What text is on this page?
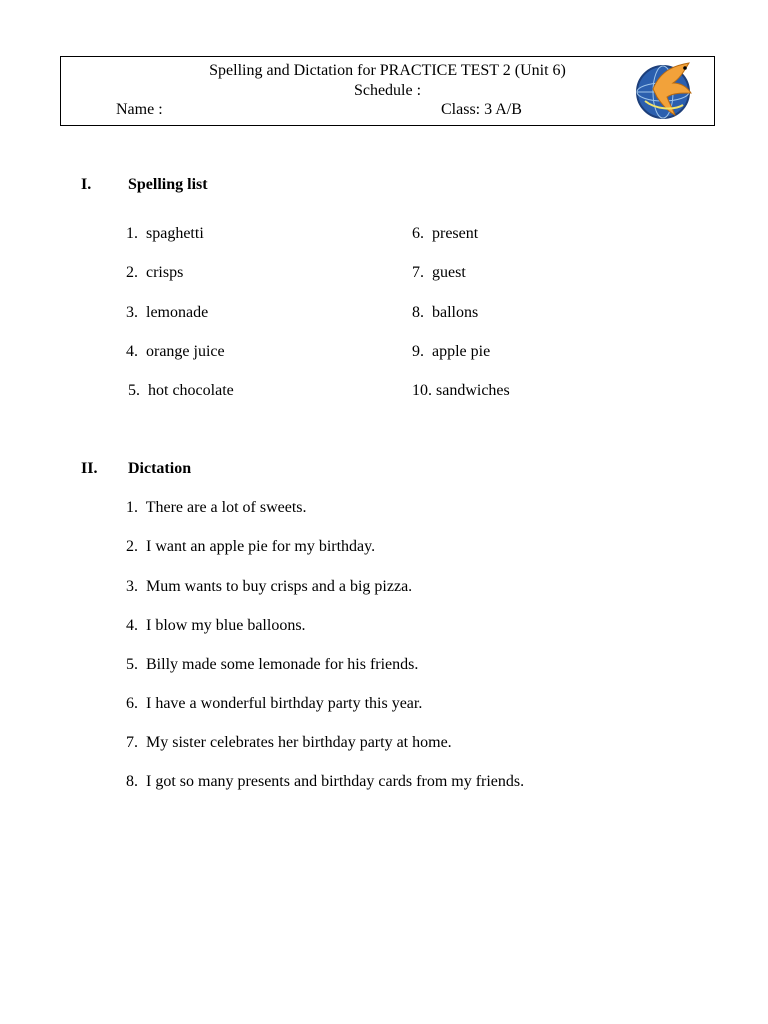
Spelling and Dictation for PRACTICE TEST 2 (Unit 6)
Schedule :
Name :	Class: 3 A/B
I. Spelling list
1. spaghetti
2. crisps
3. lemonade
4. orange juice
5. hot chocolate
6. present
7. guest
8. ballons
9. apple pie
10. sandwiches
II. Dictation
1. There are a lot of sweets.
2. I want an apple pie for my birthday.
3. Mum wants to buy crisps and a big pizza.
4. I blow my blue balloons.
5. Billy made some lemonade for his friends.
6. I have a wonderful birthday party this year.
7. My sister celebrates her birthday party at home.
8. I got so many presents and birthday cards from my friends.
